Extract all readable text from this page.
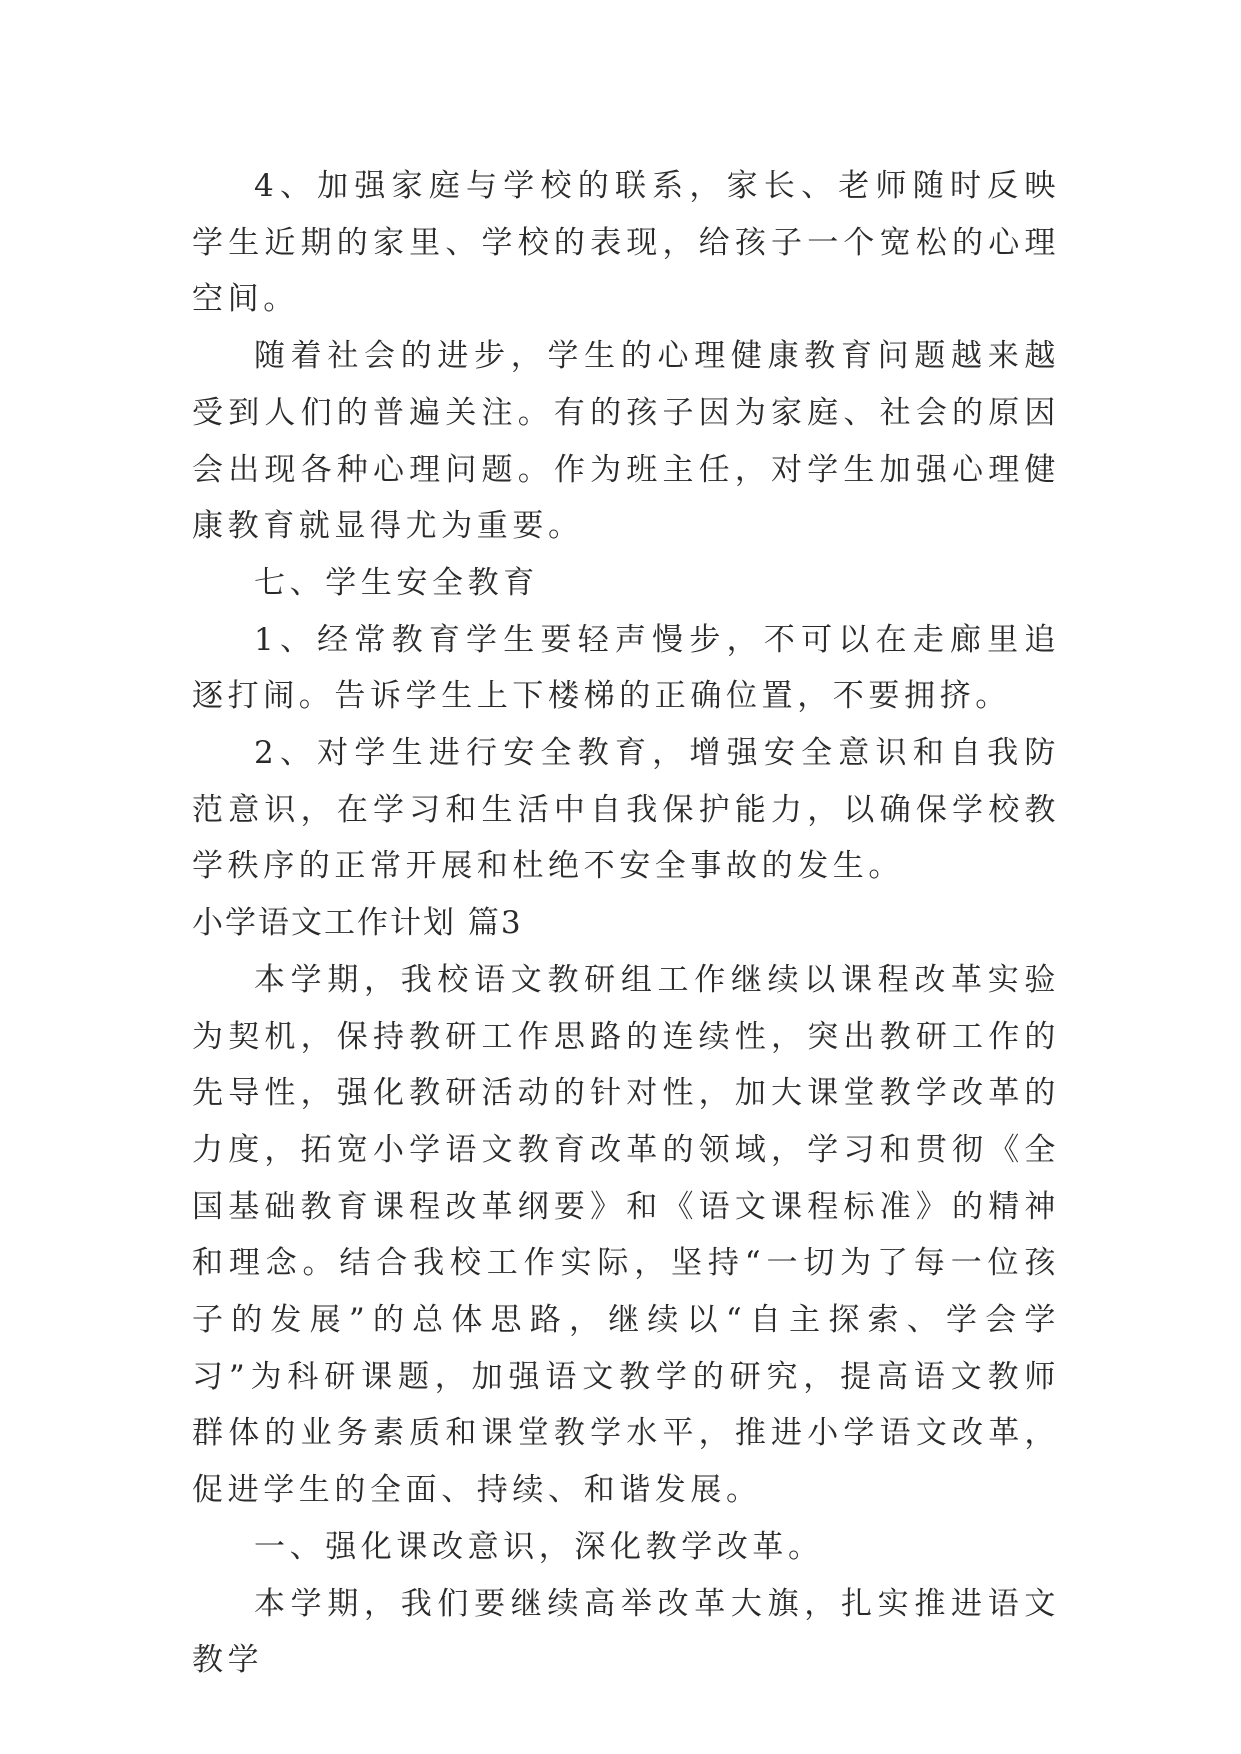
4、加强家庭与学校的联系，家长、老师随时反映学生近期的家里、学校的表现，给孩子一个宽松的心理空间。

随着社会的进步，学生的心理健康教育问题越来越受到人们的普遍关注。有的孩子因为家庭、社会的原因会出现各种心理问题。作为班主任，对学生加强心理健康教育就显得尤为重要。

七、学生安全教育

1、经常教育学生要轻声慢步，不可以在走廊里追逐打闹。告诉学生上下楼梯的正确位置，不要拥挤。

2、对学生进行安全教育，增强安全意识和自我防范意识，在学习和生活中自我保护能力，以确保学校教学秩序的正常开展和杜绝不安全事故的发生。

小学语文工作计划 篇3

本学期，我校语文教研组工作继续以课程改革实验为契机，保持教研工作思路的连续性，突出教研工作的先导性，强化教研活动的针对性，加大课堂教学改革的力度，拓宽小学语文教育改革的领域，学习和贯彻《全国基础教育课程改革纲要》和《语文课程标准》的精神和理念。结合我校工作实际，坚持“一切为了每一位孩子的发展”的总体思路，继续以“自主探索、学会学习”为科研课题，加强语文教学的研究，提高语文教师群体的业务素质和课堂教学水平，推进小学语文改革，促进学生的全面、持续、和谐发展。

一、强化课改意识，深化教学改革。

本学期，我们要继续高举改革大旗，扎实推进语文教学
